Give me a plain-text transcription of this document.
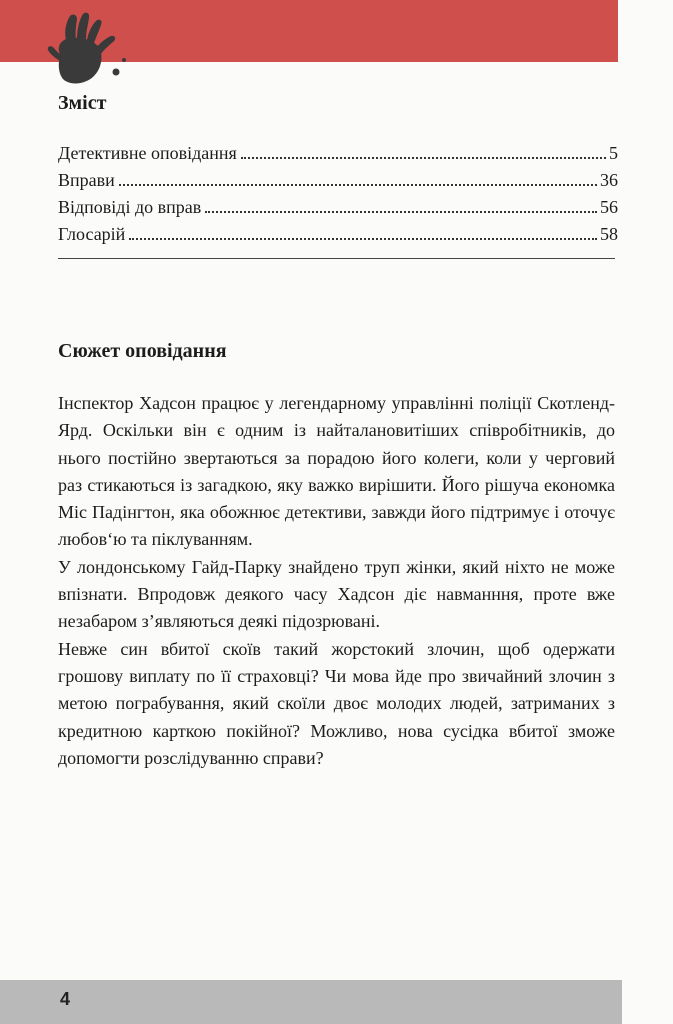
Зміст
Детективне оповідання	5
Вправи	36
Відповіді до вправ	56
Глосарій	58
Сюжет оповідання

Інспектор Хадсон працює у легендарному управлінні поліції Скотленд-Ярд. Оскільки він є одним із найталановитіших співробітників, до нього постійно звертаються за порадою його колеги, коли у черговий раз стикаються із загадкою, яку важко вирішити. Його рішуча економка Міс Падінгтон, яка обожнює детективи, завжди його підтримує і оточує любов‘ю та піклуванням.

У лондонському Гайд-Парку знайдено труп жінки, який ніхто не може впізнати. Впродовж деякого часу Хадсон діє навманння, проте вже незабаром з’являються деякі підозрювані.

Невже син вбитої скоїв такий жорстокий злочин, щоб одержати грошову виплату по її страховці? Чи мова йде про звичайний злочин з метою пограбування, який скоїли двоє молодих людей, затриманих з кредитною карткою покійної? Можливо, нова сусідка вбитої зможе допомогти розслідуванню справи?

4
